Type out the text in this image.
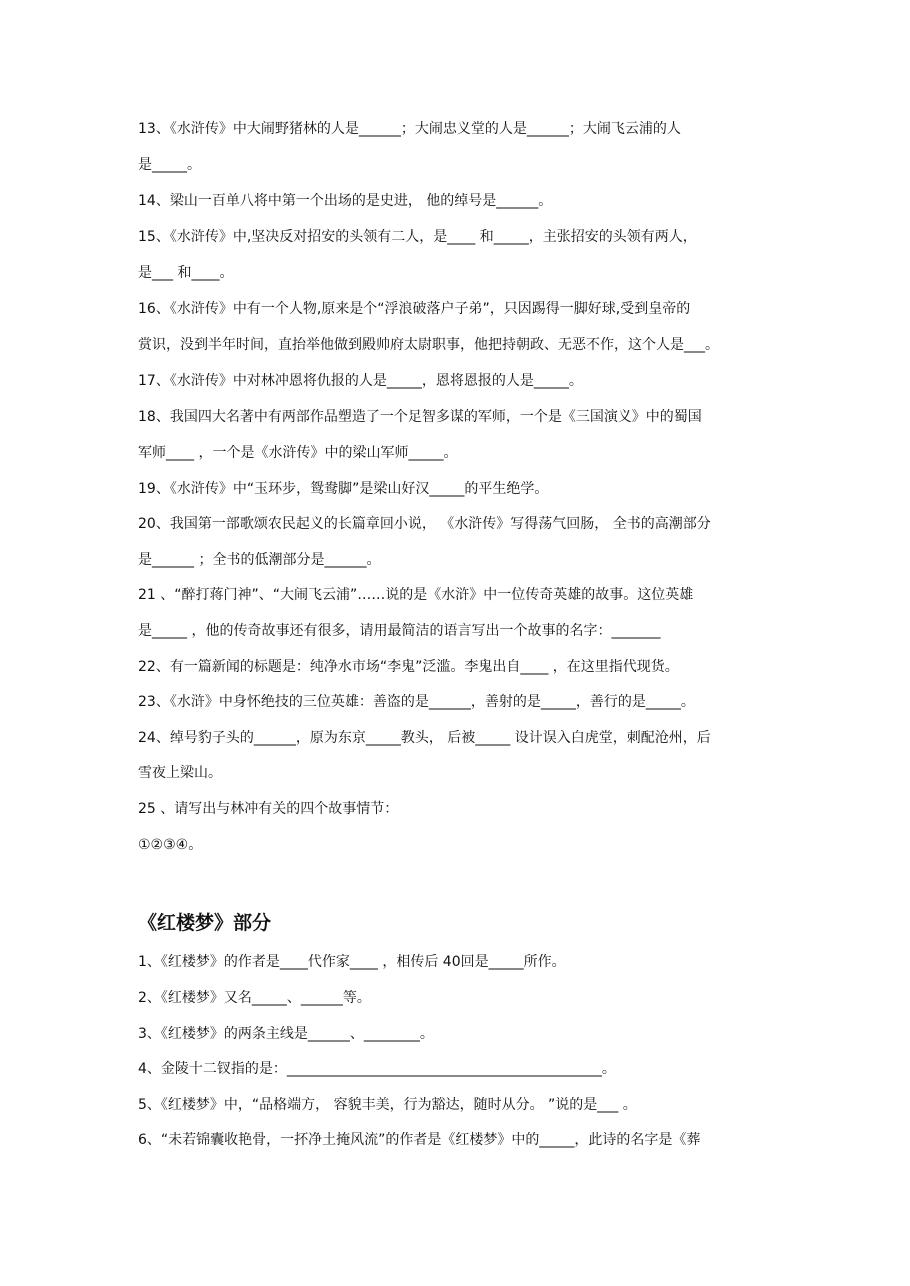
13、《水浒传》中大闹野猪林的人是______；大闹忠义堂的人是______；大闹飞云浦的人
是_____。
14、梁山一百单八将中第一个出场的是史进， 他的绰号是______。
15、《水浒传》中,坚决反对招安的头领有二人，是____ 和_____，主张招安的头领有两人，
是___ 和____。
16、《水浒传》中有一个人物,原来是个“浮浪破落户子弟”，只因踢得一脚好球,受到皇帝的
赏识，没到半年时间，直抬举他做到殿帅府太尉职事，他把持朝政、无恶不作，这个人是___。
17、《水浒传》中对林冲恩将仇报的人是_____，恩将恩报的人是_____。
18、我国四大名著中有两部作品塑造了一个足智多谋的军师，一个是《三国演义》中的蜀国
军师____ ，一个是《水浒传》中的梁山军师_____。
19、《水浒传》中“玉环步，鸳鸯脚”是梁山好汉_____的平生绝学。
20、我国第一部歌颂农民起义的长篇章回小说， 《水浒传》写得荡气回肠， 全书的高潮部分
是______ ；全书的低潮部分是______。
21 、“醉打蒋门神”、“大闹飞云浦”……说的是《水浒》中一位传奇英雄的故事。这位英雄
是_____ ，他的传奇故事还有很多，请用最简洁的语言写出一个故事的名字：_______
22、有一篇新闻的标题是：纯净水市场“李鬼”泛滥。李鬼出自____ ，在这里指代现货。
23、《水浒》中身怀绝技的三位英雄：善盗的是______，善射的是_____，善行的是_____。
24、绰号豹子头的______，原为东京_____教头， 后被_____ 设计误入白虎堂，刺配沧州，后
雪夜上梁山。
25 、请写出与林冲有关的四个故事情节：
①②③④。
《红楼梦》部分
1、《红楼梦》的作者是____代作家____ ，相传后 40回是_____所作。
2、《红楼梦》又名_____、______等。
3、《红楼梦》的两条主线是______、________。
4、金陵十二钗指的是：_____________________________________________。
5、《红楼梦》中，“品格端方， 容貌丰美，行为豁达，随时从分。 ”说的是___ 。
6、“未若锦囊收艳骨，一抔净土掩风流”的作者是《红楼梦》中的_____，此诗的名字是《葬
